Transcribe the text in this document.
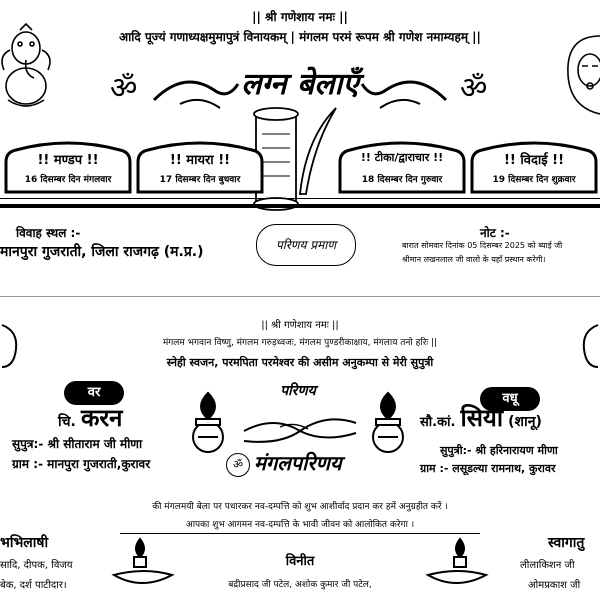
|| श्री गणेशाय नमः ||
आदि पूज्यं गणाध्यक्षमुमापुत्रं विनायकम् | मंगलम परमं रूपम श्री गणेश नमाम्यहम् ||
ॐ	ॐ
लग्न बेलाएँ
!! मण्डप !!
16 दिसम्बर दिन मंगलवार
!! मायरा !!
17 दिसम्बर दिन बुधवार
!! टीका/द्वाराचार !!
18 दिसम्बर दिन गुरुवार
!! विदाई !!
19 दिसम्बर दिन शुक्रवार
विवाह स्थल :-
मानपुरा गुजराती, जिला राजगढ़ (म.प्र.)	परिणय प्रमाण
नोट :-
बारात सोमवार दिनांक 05 दिसम्बर 2025 को ब्याई जी
श्रीमान लखनलाल जी वालो के यहाँ प्रस्थान करेगी।
|| श्री गणेशाय नमः ||
मंगलम भगवान विष्णु, मंगलम गरुड़ध्वजः, मंगलम पुण्डरीकाक्षाय, मंगलाय तनो हरिः ||
स्नेही स्वजन, परमपिता परमेश्वर की असीम अनुकम्पा से मेरी सुपुत्री
वर
चि. करन
सुपुत्र:- श्री सीताराम जी मीणा
ग्राम :- मानपुरा गुजराती,कुरावर
वधू
सौ.कां. सिया (शानू)
सुपुत्री:- श्री हरिनारायण मीणा
ग्राम :- लसूडल्या रामनाथ, कुरावर
परिणय
ॐ मंगलपरिणय
की मंगलमयी बेला पर पधारकर नव-दम्पत्ति को शुभ आशीर्वाद प्रदान कर हमें अनुग्रहीत करें ।
आपका शुभ आगमन नव-दम्पत्ति के भावी जीवन को आलोकित करेगा ।
भभिलाषी
सादि, दीपक, विजय
बेक, दर्श पाटीदार।
विनीत
बद्रीप्रसाद जी पटेल, अशोक कुमार जी पटेल,
स्वागातु
लीलाकिशन जी
ओमप्रकाश जी
